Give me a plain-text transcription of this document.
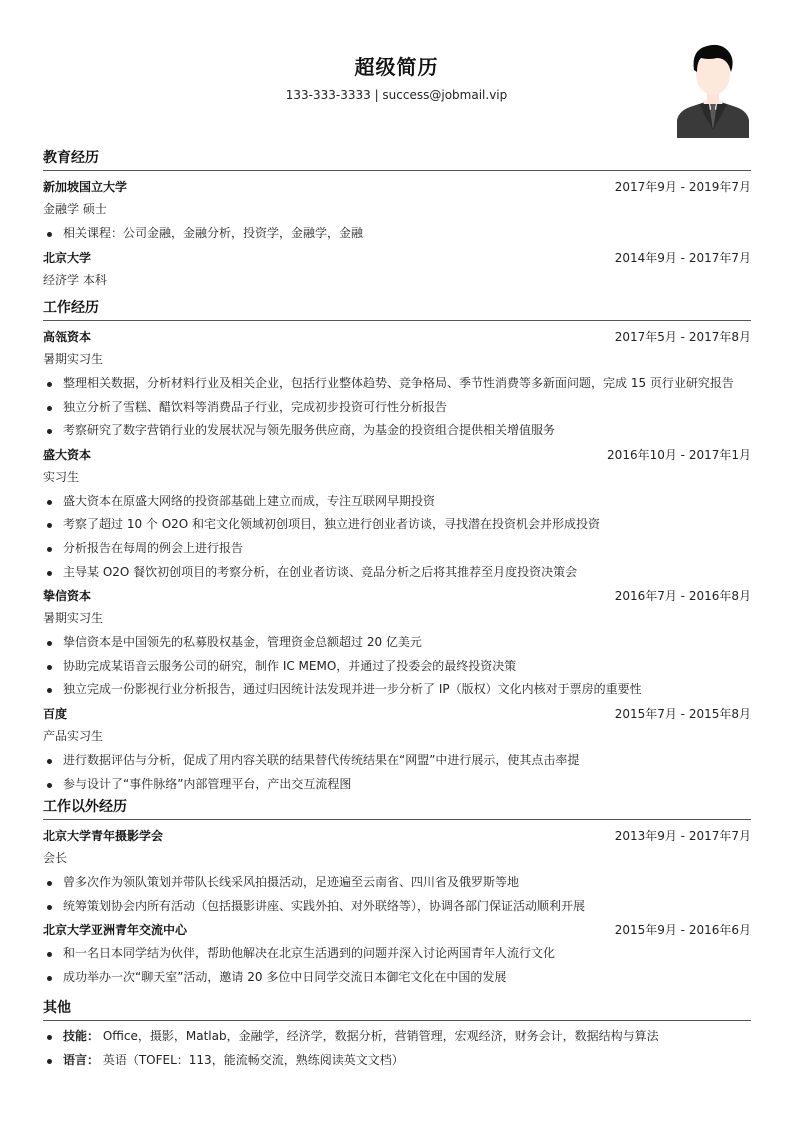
超级简历
133-333-3333 | success@jobmail.vip
教育经历
新加坡国立大学	2017年9月 - 2019年7月
金融学 硕士
相关课程：公司金融，金融分析，投资学，金融学，金融
北京大学	2014年9月 - 2017年7月
经济学 本科
工作经历
高瓴资本	2017年5月 - 2017年8月
暑期实习生
整理相关数据，分析材料行业及相关企业，包括行业整体趋势、竞争格局、季节性消费等多新面问题，完成 15 页行业研究报告
独立分析了雪糕、醋饮料等消费品子行业，完成初步投资可行性分析报告
考察研究了数字营销行业的发展状况与领先服务供应商，为基金的投资组合提供相关增值服务
盛大资本	2016年10月 - 2017年1月
实习生
盛大资本在原盛大网络的投资部基础上建立而成，专注互联网早期投资
考察了超过 10 个 O2O 和宅文化领域初创项目，独立进行创业者访谈，寻找潜在投资机会并形成投资
分析报告在每周的例会上进行报告
主导某 O2O 餐饮初创项目的考察分析，在创业者访谈、竞品分析之后将其推荐至月度投资决策会
挚信资本	2016年7月 - 2016年8月
暑期实习生
挚信资本是中国领先的私募股权基金，管理资金总额超过 20 亿美元
协助完成某语音云服务公司的研究，制作 IC MEMO，并通过了投委会的最终投资决策
独立完成一份影视行业分析报告，通过归因统计法发现并进一步分析了 IP（版权）文化内核对于票房的重要性
百度	2015年7月 - 2015年8月
产品实习生
进行数据评估与分析，促成了用内容关联的结果替代传统结果在“网盟”中进行展示，使其点击率提
参与设计了“事件脉络”内部管理平台，产出交互流程图
工作以外经历
北京大学青年摄影学会	2013年9月 - 2017年7月
会长
曾多次作为领队策划并带队长线采风拍摄活动，足迹遍至云南省、四川省及俄罗斯等地
统筹策划协会内所有活动（包括摄影讲座、实践外拍、对外联络等），协调各部门保证活动顺利开展
北京大学亚洲青年交流中心	2015年9月 - 2016年6月
和一名日本同学结为伙伴，帮助他解决在北京生活遇到的问题并深入讨论两国青年人流行文化
成功举办一次“聊天室”活动，邀请 20 多位中日同学交流日本御宅文化在中国的发展
其他
技能： Office，摄影，Matlab，金融学，经济学，数据分析，营销管理，宏观经济，财务会计，数据结构与算法
语言： 英语（TOFEL：113，能流畅交流，熟练阅读英文文档）
